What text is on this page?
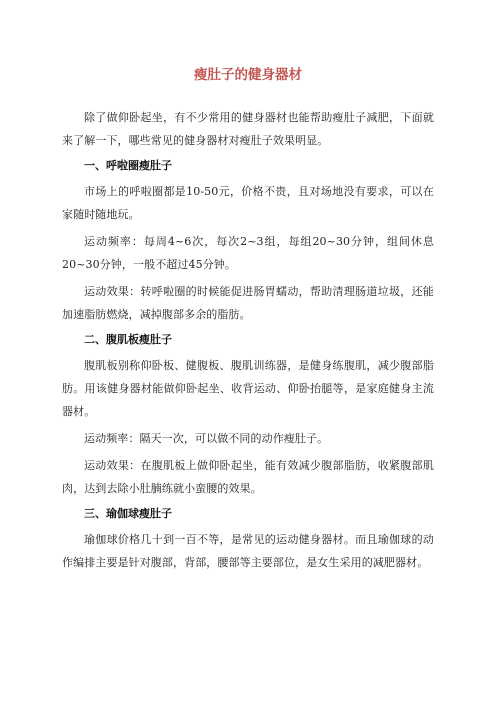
瘦肚子的健身器材

除了做仰卧起坐，有不少常用的健身器材也能帮助瘦肚子减肥，下面就来了解一下，哪些常见的健身器材对瘦肚子效果明显。

一、呼啦圈瘦肚子

市场上的呼啦圈都是10-50元，价格不贵，且对场地没有要求，可以在家随时随地玩。

运动频率：每周4~6次，每次2~3组，每组20~30分钟，组间休息20~30分钟，一般不超过45分钟。

运动效果：转呼啦圈的时候能促进肠胃蠕动，帮助清理肠道垃圾，还能加速脂肪燃烧，减掉腹部多余的脂肪。

二、腹肌板瘦肚子

腹肌板别称仰卧板、健腹板、腹肌训练器，是健身练腹肌，减少腹部脂肪。用该健身器材能做仰卧起坐、收背运动、仰卧抬腿等，是家庭健身主流器材。

运动频率：隔天一次，可以做不同的动作瘦肚子。

运动效果：在腹肌板上做仰卧起坐，能有效减少腹部脂肪，收紧腹部肌肉，达到去除小肚腩练就小蛮腰的效果。

三、瑜伽球瘦肚子

瑜伽球价格几十到一百不等，是常见的运动健身器材。而且瑜伽球的动作编排主要是针对腹部，背部，腰部等主要部位，是女生采用的减肥器材。
